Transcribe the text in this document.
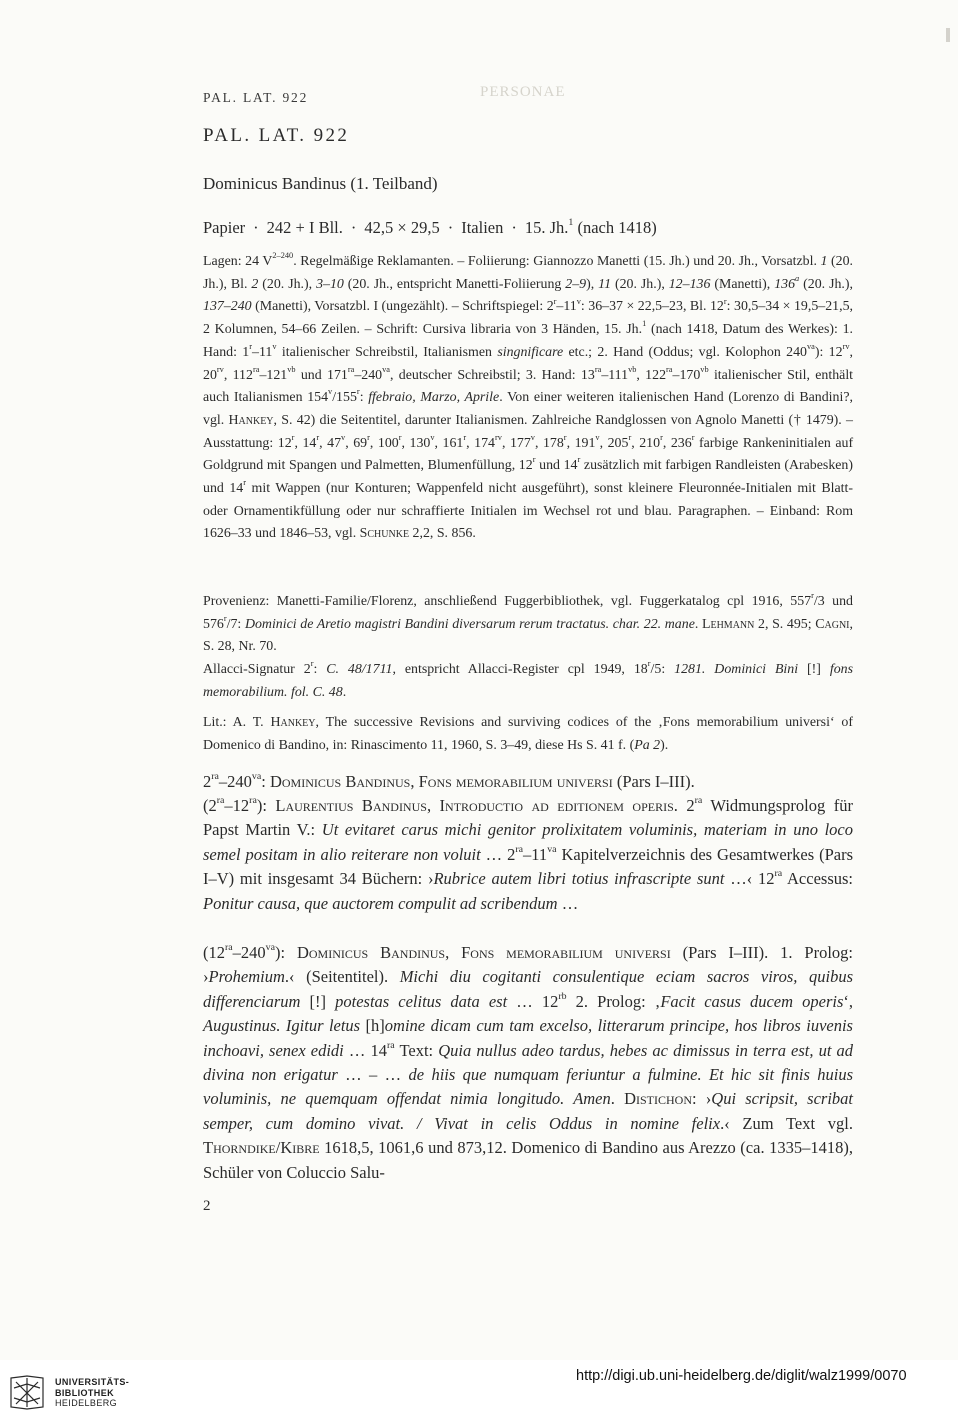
PERSONAE
PAL. LAT. 922
PAL. LAT. 922
Dominicus Bandinus (1. Teilband)
Papier · 242 + I Bll. · 42,5 × 29,5 · Italien · 15. Jh.$^1$ (nach 1418)
Lagen: 24 $V^{2-240}$. Regelmäßige Reklamanten. – Foliierung: Giannozzo Manetti (15. Jh.) und 20. Jh., Vorsatzbl. 1 (20. Jh.), Bl. 2 (20. Jh.), 3–10 (20. Jh., entspricht Manetti-Foliierung 2–9), 11 (20. Jh.), 12–136 (Manetti), 136$^a$ (20. Jh.), 137–240 (Manetti), Vorsatzbl. I (ungezählt). – Schriftspiegel: 2$^r$–11$^v$: 36–37 × 22,5–23, Bl. 12$^r$: 30,5–34 × 19,5–21,5, 2 Kolumnen, 54–66 Zeilen. – Schrift: Cursiva libraria von 3 Händen, 15. Jh.$^1$ (nach 1418, Datum des Werkes): 1. Hand: 1$^r$–11$^v$ italienischer Schreibstil, Italianismen singnificare etc.; 2. Hand (Oddus; vgl. Kolophon $240^{va}$): $12^{rv}$, $20^{rv}$, $112^{ra}-121^{vb}$ und $171^{ra}-240^{va}$, deutscher Schreibstil; 3. Hand: $13^{ra}-111^{vb}$, $122^{ra}-170^{vb}$ italienischer Stil, enthält auch Italianismen 154$^v$/155$^r$: ffebraio, Marzo, Aprile. Von einer weiteren italienischen Hand (Lorenzo di Bandini?, vgl. Hankey, S. 42) die Seitentitel, darunter Italianismen. Zahlreiche Randglossen von Agnolo Manetti († 1479). – Ausstattung: 12$^r$, 14$^r$, 47$^v$, 69$^r$, 100$^r$, 130$^v$, 161$^r$, $174^{rv}$, 177$^v$, 178$^r$, 191$^v$, 205$^r$, 210$^r$, 236$^r$ farbige Rankeninitialen auf Goldgrund mit Spangen und Palmetten, Blumenfüllung, 12$^r$ und 14$^r$ zusätzlich mit farbigen Randleisten (Arabesken) und 14$^r$ mit Wappen (nur Konturen; Wappenfeld nicht ausgeführt), sonst kleinere Fleuronnée-Initialen mit Blatt- oder Ornamentikfüllung oder nur schraffierte Initialen im Wechsel rot und blau. Paragraphen. – Einband: Rom 1626–33 und 1846–53, vgl. Schunke 2,2, S. 856.
Provenienz: Manetti-Familie/Florenz, anschließend Fuggerbibliothek, vgl. Fuggerkatalog cpl 1916, 557$^r$/3 und 576$^r$/7: Dominici de Aretio magistri Bandini diversarum rerum tractatus. char. 22. mane. Lehmann 2, S. 495; Cagni, S. 28, Nr. 70.
Allacci-Signatur 2$^r$: C. 48/1711, entspricht Allacci-Register cpl 1949, 18$^r$/5: 1281. Dominici Bini [!] fons memorabilium. fol. C. 48.
Lit.: A. T. Hankey, The successive Revisions and surviving codices of the ‚Fons memorabilium universi‘ of Domenico di Bandino, in: Rinascimento 11, 1960, S. 3–49, diese Hs S. 41 f. (Pa 2).
$2^{ra}-240^{va}$: Dominicus Bandinus, Fons memorabilium universi (Pars I–III).
$(2^{ra}-12^{ra})$: Laurentius Bandinus, Introductio ad editionem operis. $2^{ra}$ Widmungsprolog für Papst Martin V.: Ut evitaret carus michi genitor prolixitatem voluminis, materiam in uno loco semel positam in alio reiterare non voluit … $2^{ra}-11^{va}$ Kapitelverzeichnis des Gesamtwerkes (Pars I–V) mit insgesamt 34 Büchern: ›Rubrice autem libri totius infrascripte sunt …‹ $12^{ra}$ Accessus: Ponitur causa, que auctorem compulit ad scribendum …
$(12^{ra}-240^{va})$: Dominicus Bandinus, Fons memorabilium universi (Pars I–III). 1. Prolog: ›Prohemium.‹ (Seitentitel). Michi diu cogitanti consulentique eciam sacros viros, quibus differenciarum [!] potestas celitus data est … $12^{rb}$ 2. Prolog: ‚Facit casus ducem operis‘, Augustinus. Igitur letus [h]omine dicam cum tam excelso, litterarum principe, hos libros iuvenis inchoavi, senex edidi … $14^{ra}$ Text: Quia nullus adeo tardus, hebes ac dimissus in terra est, ut ad divina non erigatur … – … de hiis que numquam feriuntur a fulmine. Et hic sit finis huius voluminis, ne quemquam offendat nimia longitudo. Amen. Distichon: ›Qui scripsit, scribat semper, cum domino vivat. / Vivat in celis Oddus in nomine felix.‹ Zum Text vgl. Thorndike/Kibre 1618,5, 1061,6 und 873,12. Domenico di Bandino aus Arezzo (ca. 1335–1418), Schüler von Coluccio Salu-
2
UNIVERSITÄTS-
BIBLIOTHEK
HEIDELBERG
http://digi.ub.uni-heidelberg.de/diglit/walz1999/0070
